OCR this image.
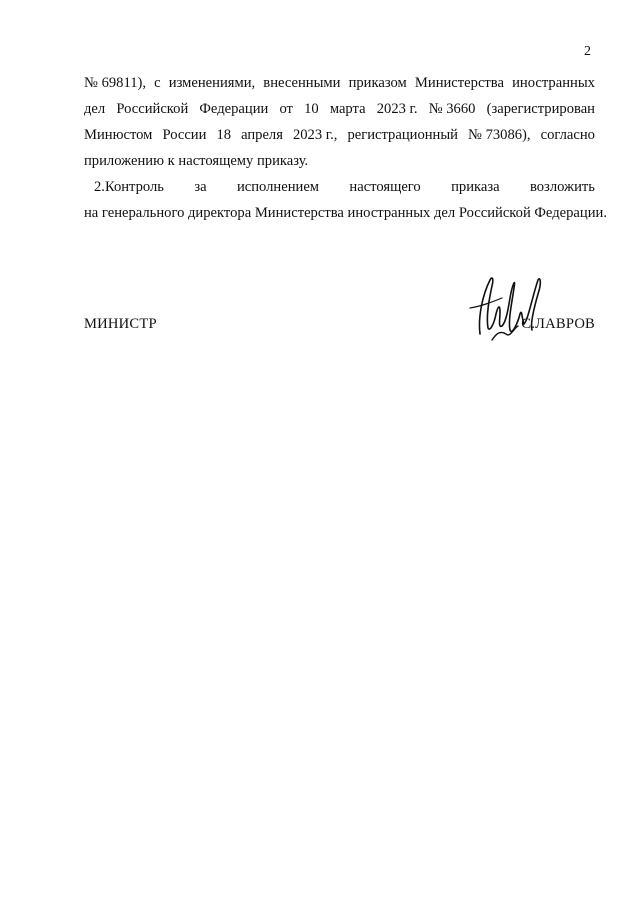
2
№ 69811), с изменениями, внесенными приказом Министерства иностранных
дел Российской Федерации от 10 марта 2023 г. № 3660 (зарегистрирован
Минюстом России 18 апреля 2023 г., регистрационный № 73086), согласно
приложению к настоящему приказу.
2.Контроль за исполнением настоящего приказа возложить
на генерального директора Министерства иностранных дел Российской Федерации.
МИНИСТР	С.ЛАВРОВ
